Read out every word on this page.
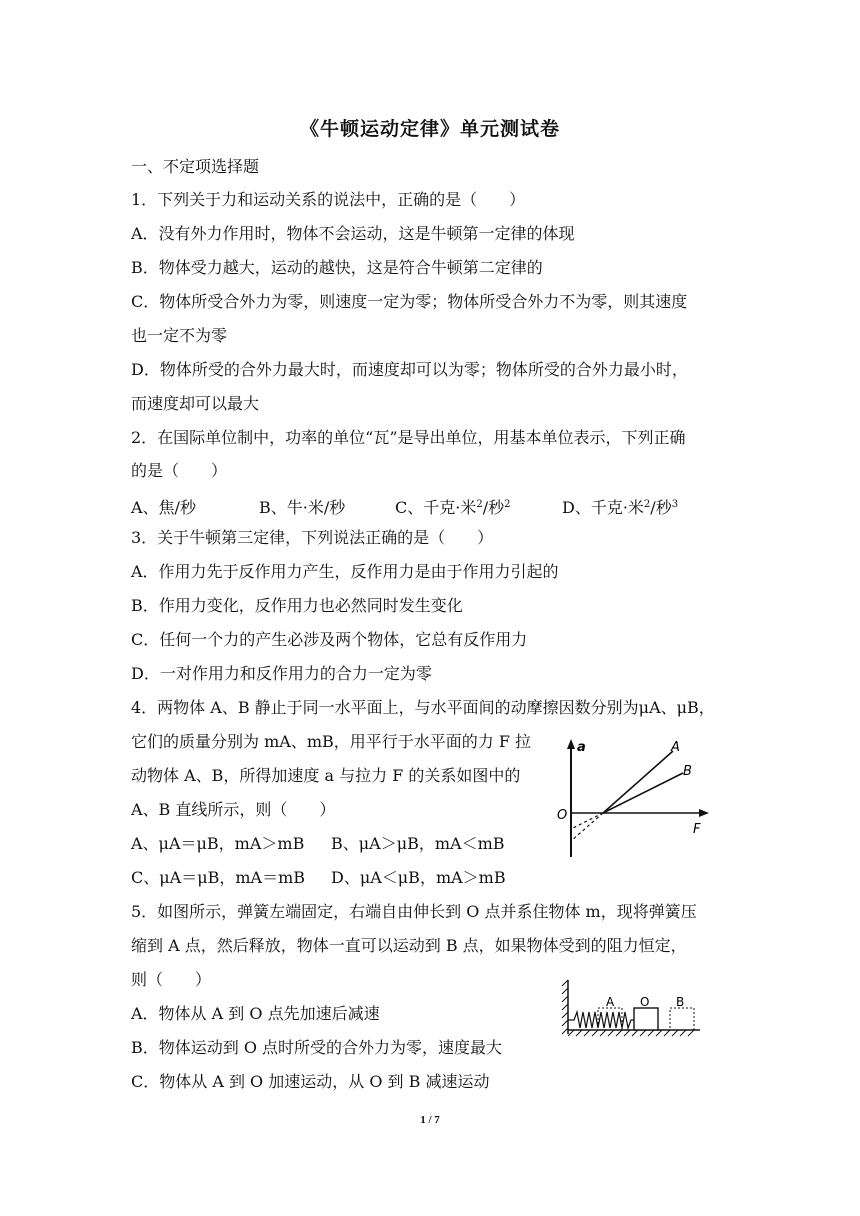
《牛顿运动定律》单元测试卷
一、不定项选择题
1．下列关于力和运动关系的说法中，正确的是（　　）
A．没有外力作用时，物体不会运动，这是牛顿第一定律的体现
B．物体受力越大，运动的越快，这是符合牛顿第二定律的
C．物体所受合外力为零，则速度一定为零；物体所受合外力不为零，则其速度
也一定不为零
D．物体所受的合外力最大时，而速度却可以为零；物体所受的合外力最小时，
而速度却可以最大
2．在国际单位制中，功率的单位“瓦”是导出单位，用基本单位表示，下列正确
的是（　　）
A、焦/秒	B、牛·米/秒	C、千克·米$^2$/秒$^2$	D、千克·米$^2$/秒$^3$
3．关于牛顿第三定律，下列说法正确的是（　　）
A．作用力先于反作用力产生，反作用力是由于作用力引起的
B．作用力变化，反作用力也必然同时发生变化
C．任何一个力的产生必涉及两个物体，它总有反作用力
D．一对作用力和反作用力的合力一定为零
4．两物体 A、B 静止于同一水平面上，与水平面间的动摩擦因数分别为μA、μB，
它们的质量分别为 mA、mB，用平行于水平面的力 F 拉
动物体 A、B，所得加速度 a 与拉力 F 的关系如图中的
A、B 直线所示，则（　　）
A、μA＝μB，mA＞mB B、μA＞μB，mA＜mB
C、μA＝μB，mA＝mB D、μA＜μB，mA＞mB
a
F
O
A
B
5．如图所示，弹簧左端固定，右端自由伸长到 O 点并系住物体 m，现将弹簧压
缩到 A 点，然后释放，物体一直可以运动到 B 点，如果物体受到的阻力恒定，
则（　　）
A．物体从 A 到 O 点先加速后减速
B．物体运动到 O 点时所受的合外力为零，速度最大
C．物体从 A 到 O 加速运动，从 O 到 B 减速运动
A O B
1 / 7
